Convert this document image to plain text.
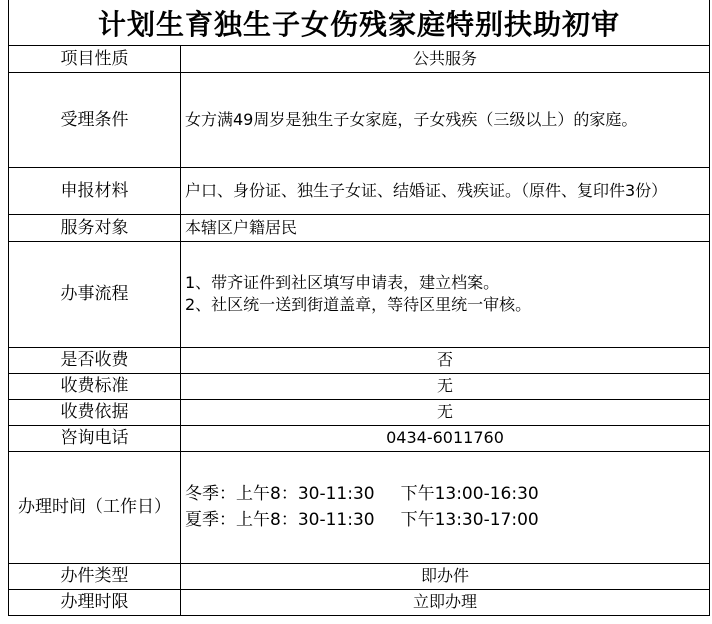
计划生育独生子女伤残家庭特别扶助初审
项目性质	公共服务
受理条件	女方满49周岁是独生子女家庭，子女残疾（三级以上）的家庭。
申报材料	户口、身份证、独生子女证、结婚证、残疾证。（原件、复印件3份）
服务对象	本辖区户籍居民
办事流程	1、带齐证件到社区填写申请表，建立档案。
2、社区统一送到街道盖章，等待区里统一审核。

是否收费	否
收费标准	无
收费依据	无
咨询电话	0434-6011760
办理时间（工作日）	冬季：上午8：30-11:30 下午13:00-16:30
夏季：上午8：30-11:30 下午13:30-17:00

办件类型	即办件
办理时限	立即办理
